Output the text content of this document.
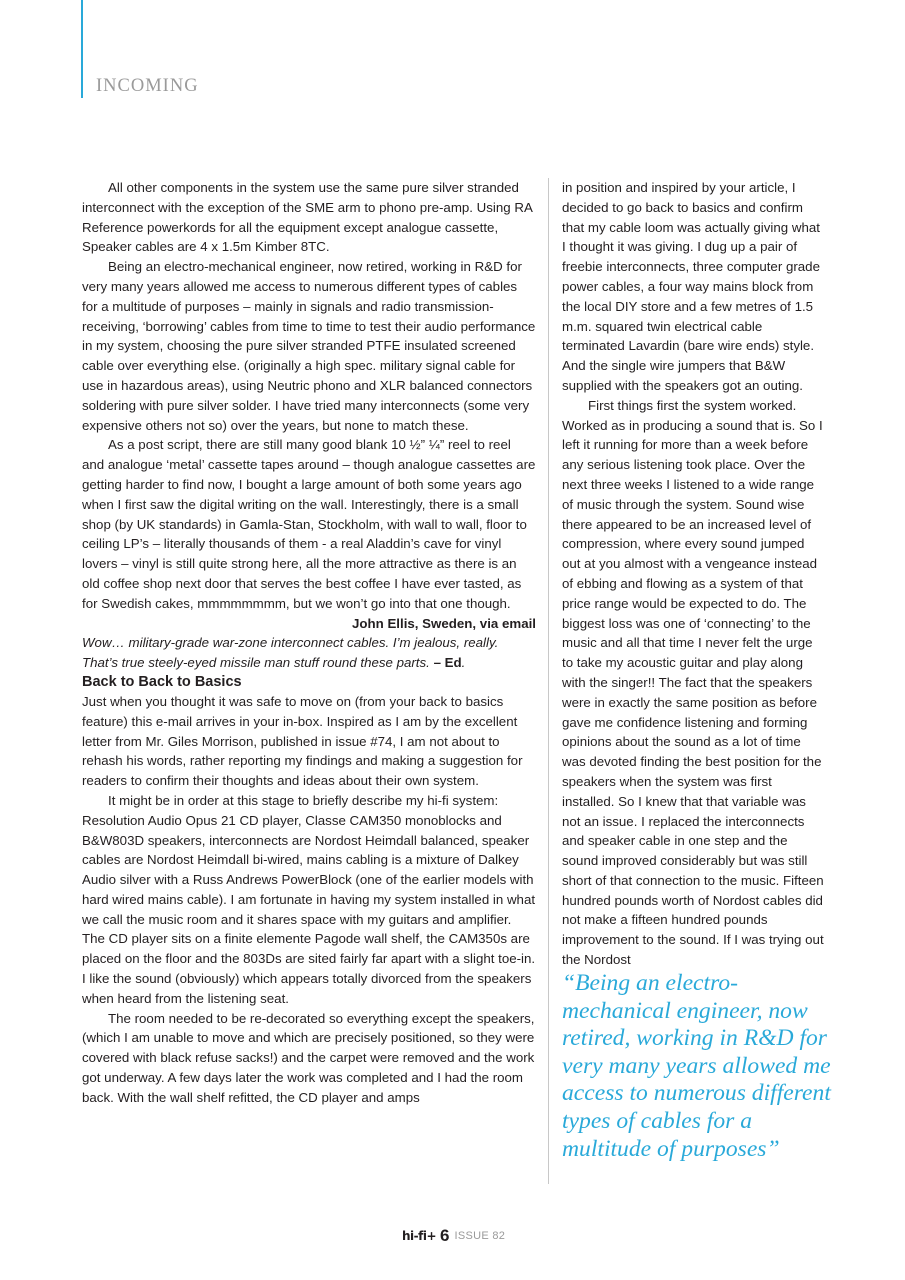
INCOMING

All other components in the system use the same pure silver stranded interconnect with the exception of the SME arm to phono pre-amp. Using RA Reference powerkords for all the equipment except analogue cassette, Speaker cables are 4 x 1.5m Kimber 8TC.

Being an electro-mechanical engineer, now retired, working in R&D for very many years allowed me access to numerous different types of cables for a multitude of purposes – mainly in signals and radio transmission-receiving, ‘borrowing’ cables from time to time to test their audio performance in my system, choosing the pure silver stranded PTFE insulated screened cable over everything else. (originally a high spec. military signal cable for use in hazardous areas), using Neutric phono and XLR balanced connectors soldering with pure silver solder. I have tried many interconnects (some very expensive others not so) over the years, but none to match these.

As a post script, there are still many good blank 10 ½” ¼” reel to reel and analogue ‘metal’ cassette tapes around – though analogue cassettes are getting harder to find now, I bought a large amount of both some years ago when I first saw the digital writing on the wall. Interestingly, there is a small shop (by UK standards) in Gamla-Stan, Stockholm, with wall to wall, floor to ceiling LP’s – literally thousands of them - a real Aladdin’s cave for vinyl lovers – vinyl is still quite strong here, all the more attractive as there is an old coffee shop next door that serves the best coffee I have ever tasted, as for Swedish cakes, mmmmmmmm, but we won’t go into that one though.

John Ellis, Sweden, via email

Wow… military-grade war-zone interconnect cables. I’m jealous, really. That’s true steely-eyed missile man stuff round these parts. – Ed.

Back to Back to Basics

Just when you thought it was safe to move on (from your back to basics feature) this e-mail arrives in your in-box. Inspired as I am by the excellent letter from Mr. Giles Morrison, published in issue #74, I am not about to rehash his words, rather reporting my findings and making a suggestion for readers to confirm their thoughts and ideas about their own system.

It might be in order at this stage to briefly describe my hi-fi system: Resolution Audio Opus 21 CD player, Classe CAM350 monoblocks and B&W803D speakers, interconnects are Nordost Heimdall balanced, speaker cables are Nordost Heimdall bi-wired, mains cabling is a mixture of Dalkey Audio silver with a Russ Andrews PowerBlock (one of the earlier models with hard wired mains cable). I am fortunate in having my system installed in what we call the music room and it shares space with my guitars and amplifier. The CD player sits on a finite elemente Pagode wall shelf, the CAM350s are placed on the floor and the 803Ds are sited fairly far apart with a slight toe-in. I like the sound (obviously) which appears totally divorced from the speakers when heard from the listening seat.

The room needed to be re-decorated so everything except the speakers, (which I am unable to move and which are precisely positioned, so they were covered with black refuse sacks!) and the carpet were removed and the work got underway. A few days later the work was completed and I had the room back. With the wall shelf refitted, the CD player and amps

in position and inspired by your article, I decided to go back to basics and confirm that my cable loom was actually giving what I thought it was giving. I dug up a pair of freebie interconnects, three computer grade power cables, a four way mains block from the local DIY store and a few metres of 1.5 m.m. squared twin electrical cable terminated Lavardin (bare wire ends) style. And the single wire jumpers that B&W supplied with the speakers got an outing.

First things first the system worked. Worked as in producing a sound that is. So I left it running for more than a week before any serious listening took place. Over the next three weeks I listened to a wide range of music through the system. Sound wise there appeared to be an increased level of compression, where every sound jumped out at you almost with a vengeance instead of ebbing and flowing as a system of that price range would be expected to do. The biggest loss was one of ‘connecting’ to the music and all that time I never felt the urge to take my acoustic guitar and play along with the singer!! The fact that the speakers were in exactly the same position as before gave me confidence listening and forming opinions about the sound as a lot of time was devoted finding the best position for the speakers when the system was first installed. So I knew that that variable was not an issue. I replaced the interconnects and speaker cable in one step and the sound improved considerably but was still short of that connection to the music. Fifteen hundred pounds worth of Nordost cables did not make a fifteen hundred pounds improvement to the sound. If I was trying out the Nordost

“Being an electro-mechanical engineer, now retired, working in R&D for very many years allowed me access to numerous different types of cables for a multitude of purposes”
hi-fi+ 6 ISSUE 82
